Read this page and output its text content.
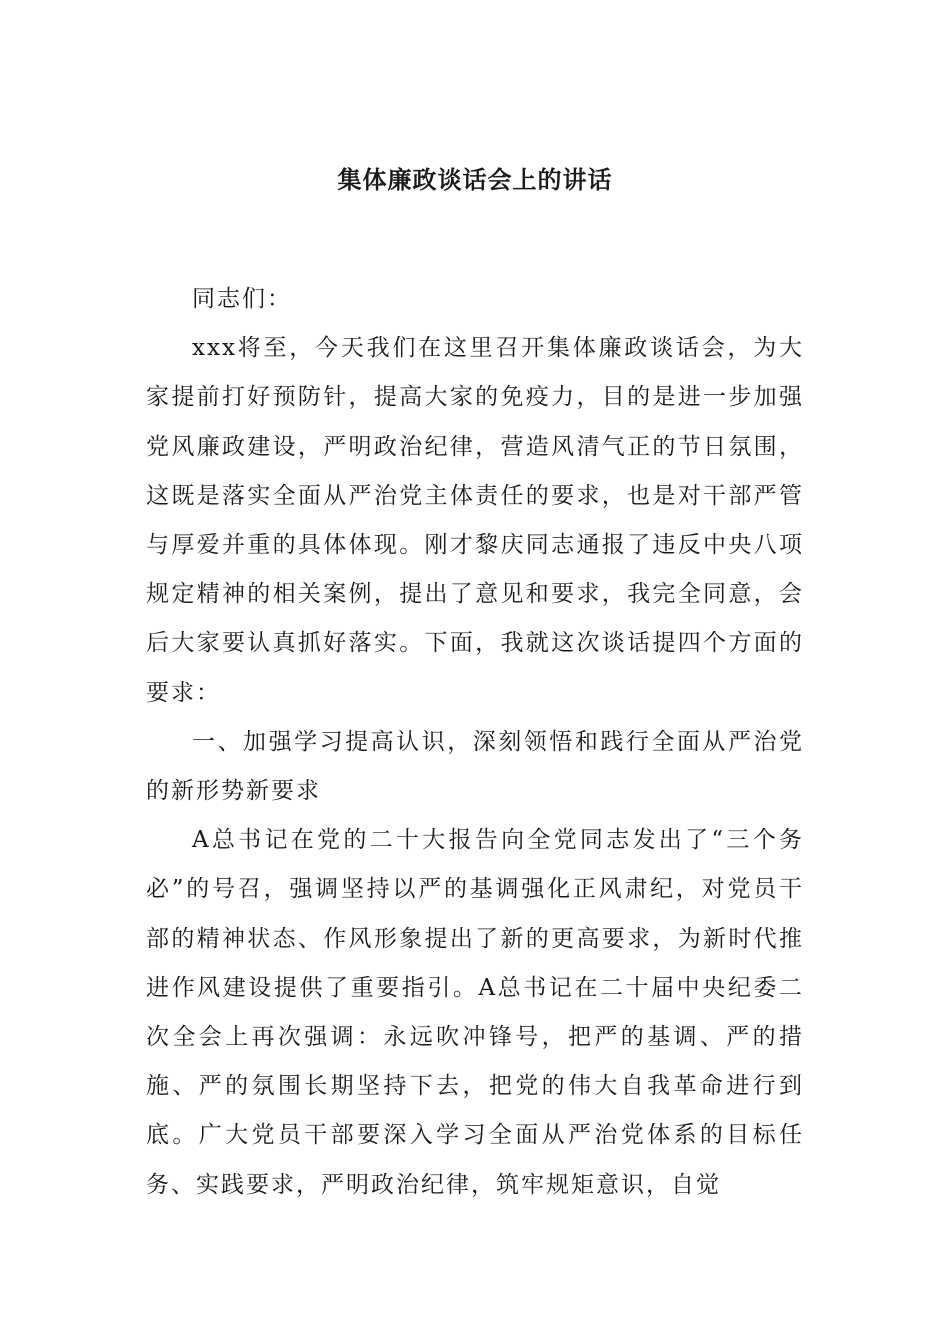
集体廉政谈话会上的讲话

同志们：

xxx将至，今天我们在这里召开集体廉政谈话会，为大家提前打好预防针，提高大家的免疫力，目的是进一步加强党风廉政建设，严明政治纪律，营造风清气正的节日氛围，这既是落实全面从严治党主体责任的要求，也是对干部严管与厚爱并重的具体体现。刚才黎庆同志通报了违反中央八项规定精神的相关案例，提出了意见和要求，我完全同意，会后大家要认真抓好落实。下面，我就这次谈话提四个方面的要求：

一、加强学习提高认识，深刻领悟和践行全面从严治党的新形势新要求

A总书记在党的二十大报告向全党同志发出了“三个务必”的号召，强调坚持以严的基调强化正风肃纪，对党员干部的精神状态、作风形象提出了新的更高要求，为新时代推进作风建设提供了重要指引。A总书记在二十届中央纪委二次全会上再次强调：永远吹冲锋号，把严的基调、严的措施、严的氛围长期坚持下去，把党的伟大自我革命进行到底。广大党员干部要深入学习全面从严治党体系的目标任务、实践要求，严明政治纪律，筑牢规矩意识，自觉
